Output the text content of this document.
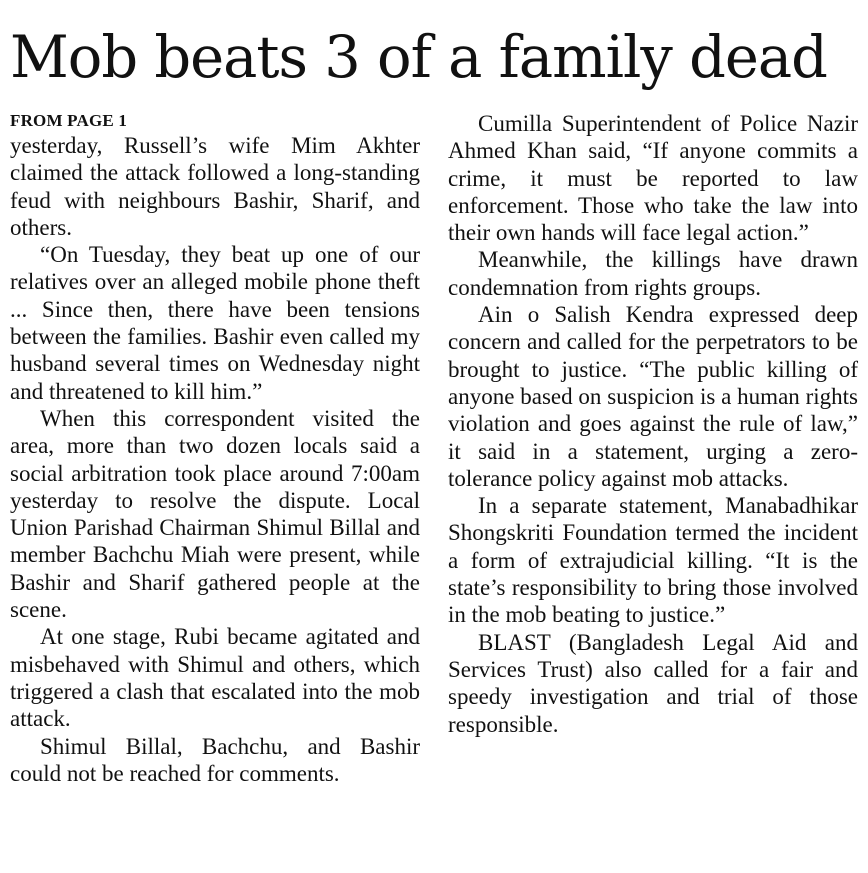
Mob beats 3 of a family dead
FROM PAGE 1

yesterday, Russell’s wife Mim Akhter claimed the attack followed a long-standing feud with neighbours Bashir, Sharif, and others.

“On Tuesday, they beat up one of our relatives over an alleged mobile phone theft ... Since then, there have been tensions between the families. Bashir even called my husband several times on Wednesday night and threatened to kill him.”

When this correspondent visited the area, more than two dozen locals said a social arbitration took place around 7:00am yesterday to resolve the dispute. Local Union Parishad Chairman Shimul Billal and member Bachchu Miah were present, while Bashir and Sharif gathered people at the scene.

At one stage, Rubi became agitated and misbehaved with Shimul and others, which triggered a clash that escalated into the mob attack.

Shimul Billal, Bachchu, and Bashir could not be reached for comments.

Cumilla Superintendent of Police Nazir Ahmed Khan said, “If anyone commits a crime, it must be reported to law enforcement. Those who take the law into their own hands will face legal action.”

Meanwhile, the killings have drawn condemnation from rights groups.

Ain o Salish Kendra expressed deep concern and called for the perpetrators to be brought to justice. “The public killing of anyone based on suspicion is a human rights violation and goes against the rule of law,” it said in a statement, urging a zero-tolerance policy against mob attacks.

In a separate statement, Manabadhikar Shongskriti Foundation termed the incident a form of extrajudicial killing. “It is the state’s responsibility to bring those involved in the mob beating to justice.”

BLAST (Bangladesh Legal Aid and Services Trust) also called for a fair and speedy investigation and trial of those responsible.
